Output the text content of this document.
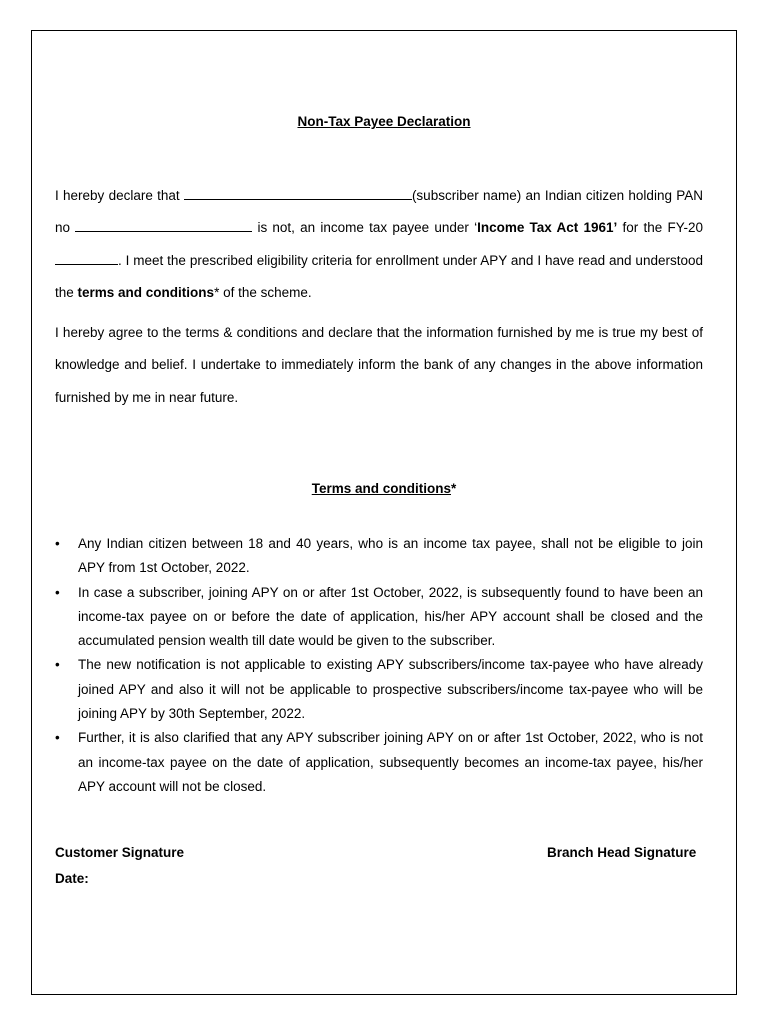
Non-Tax Payee Declaration

I hereby declare that	(subscriber name) an Indian citizen holding PAN no	is not, an income tax payee under ‘Income Tax Act 1961’ for the FY-20. I meet the prescribed eligibility criteria for enrollment under APY and I have read and understood the terms and conditions* of the scheme.

I hereby agree to the terms & conditions and declare that the information furnished by me is true my best of knowledge and belief. I undertake to immediately inform the bank of any changes in the above information furnished by me in near future.

Terms and conditions*
• Any Indian citizen between 18 and 40 years, who is an income tax payee, shall not be eligible to join APY from 1st October, 2022.
• In case a subscriber, joining APY on or after 1st October, 2022, is subsequently found to have been an income-tax payee on or before the date of application, his/her APY account shall be closed and the accumulated pension wealth till date would be given to the subscriber.
• The new notification is not applicable to existing APY subscribers/income tax-payee who have already joined APY and also it will not be applicable to prospective subscribers/income tax-payee who will be joining APY by 30th September, 2022.
• Further, it is also clarified that any APY subscriber joining APY on or after 1st October, 2022, who is not an income-tax payee on the date of application, subsequently becomes an income-tax payee, his/her APY account will not be closed.
Customer Signature	Branch Head Signature
Date:
